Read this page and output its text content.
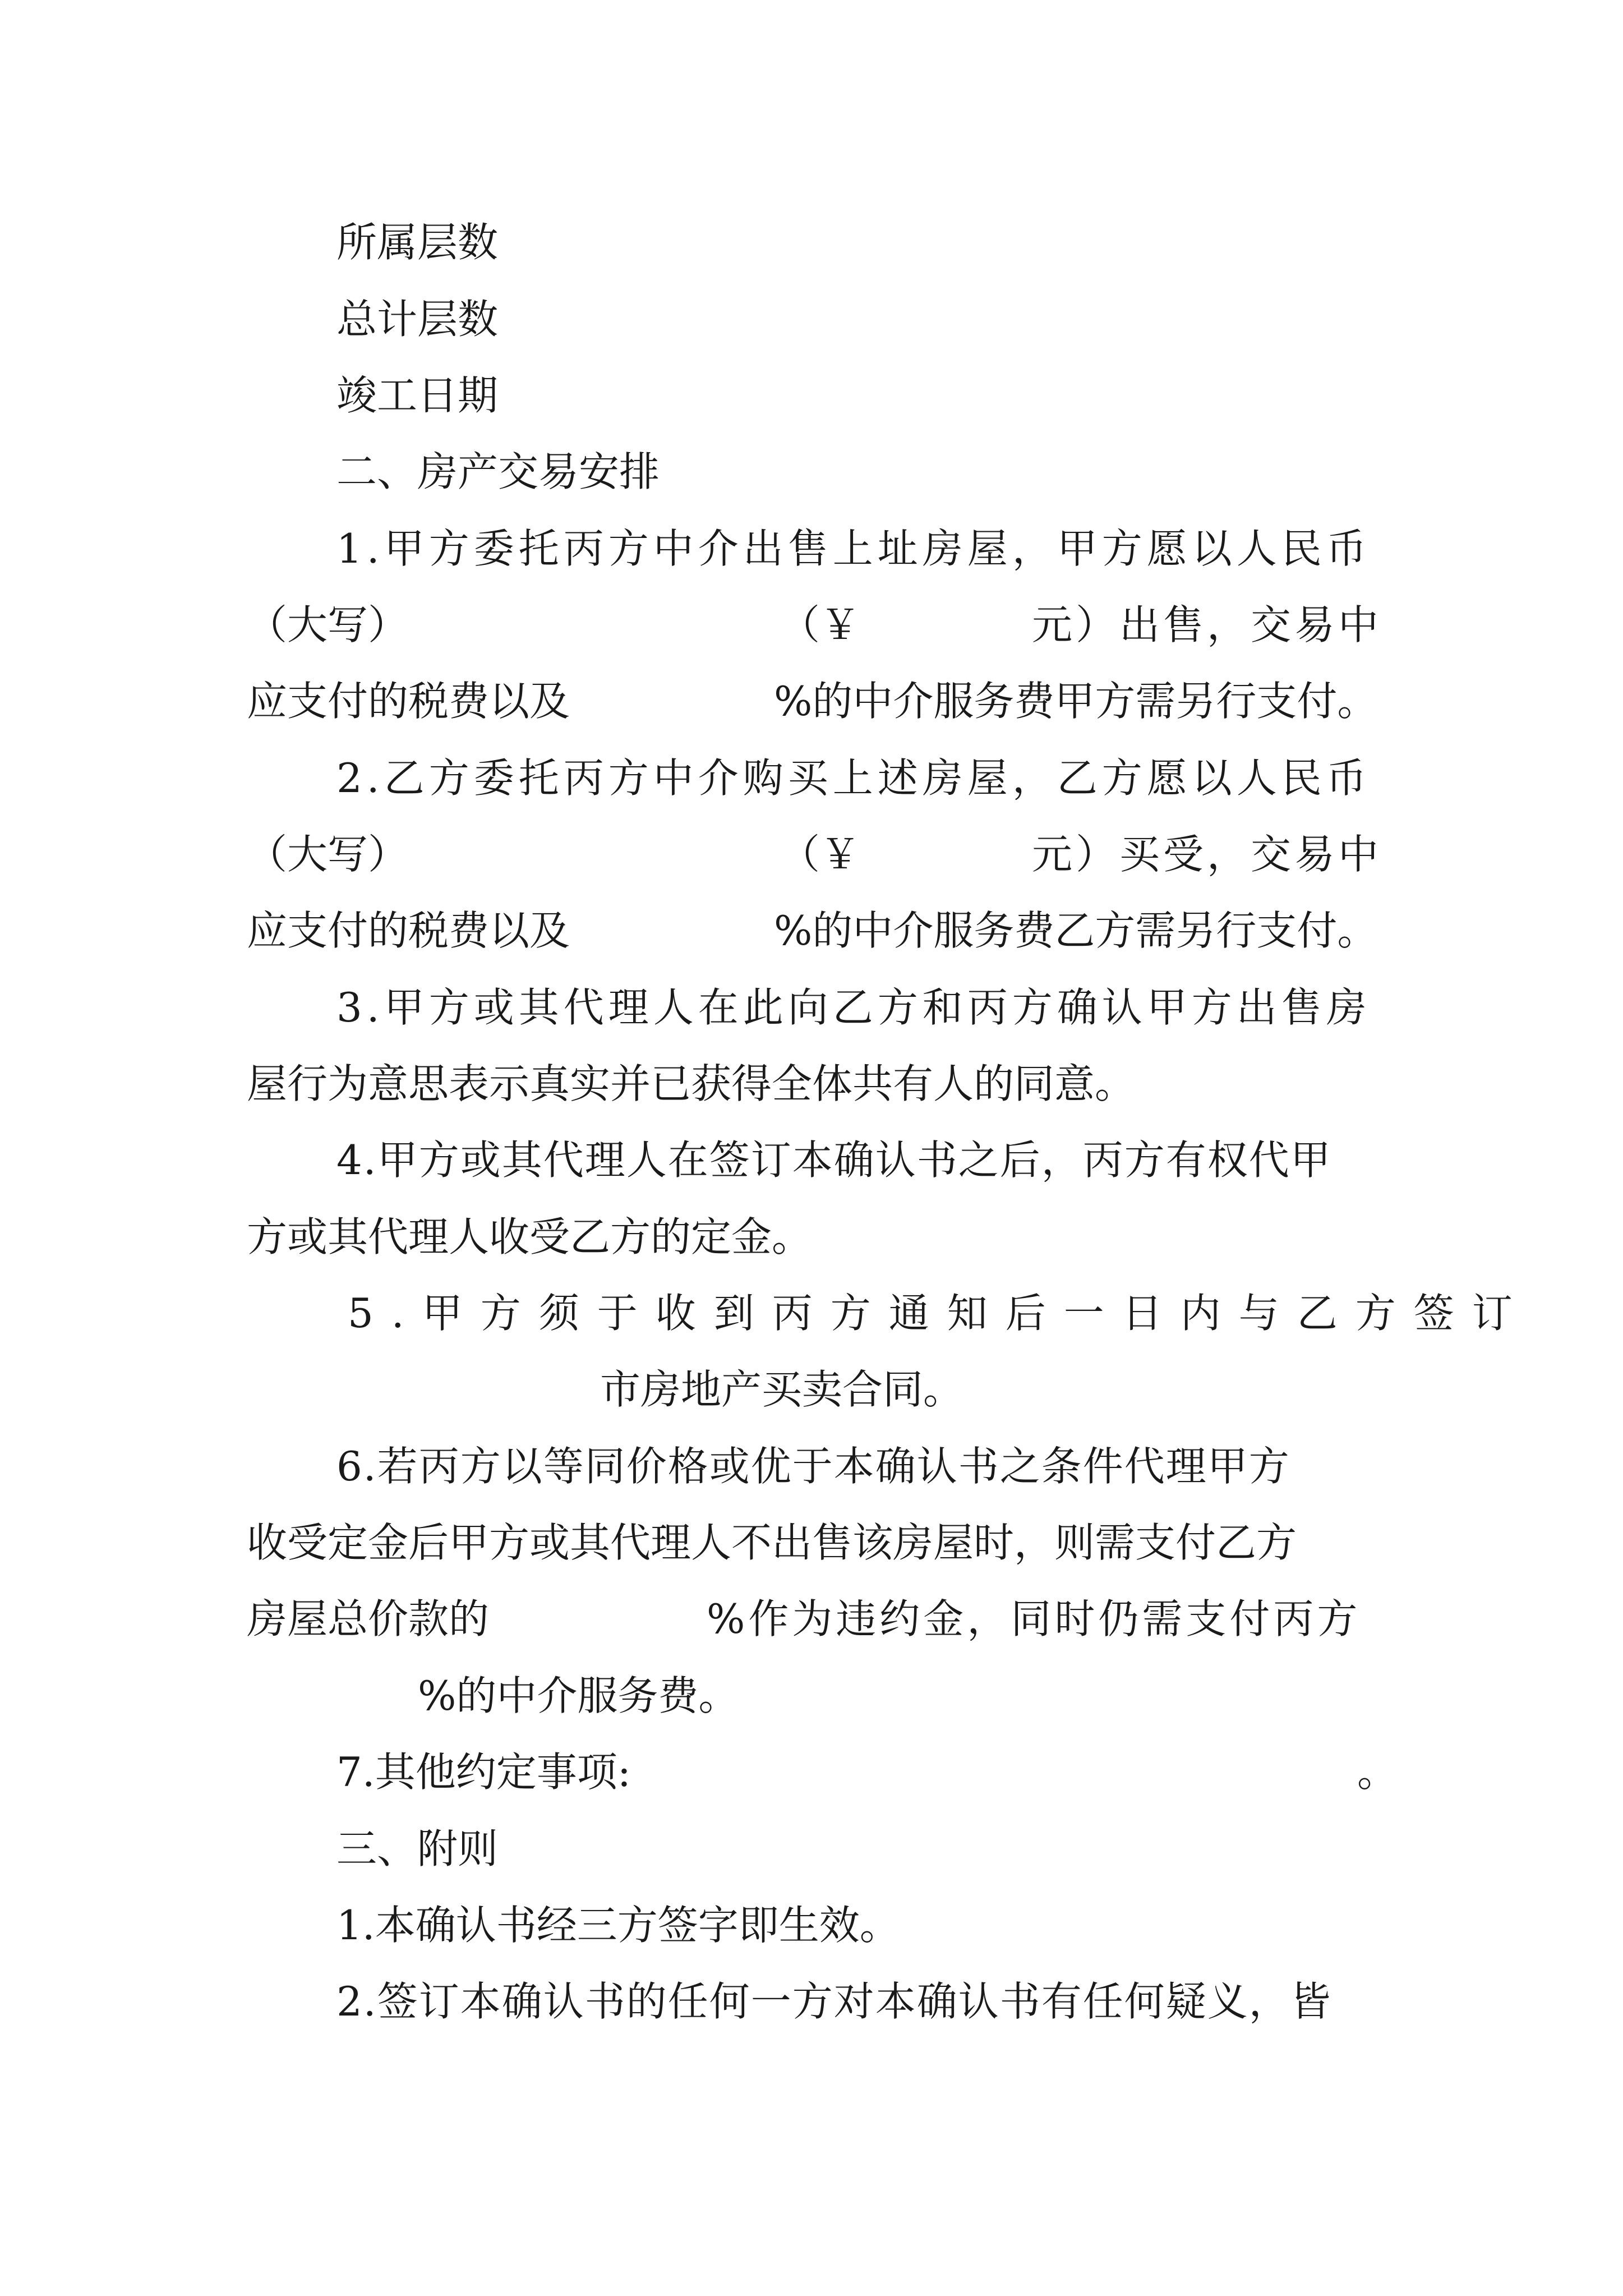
所属层数
总计层数
竣工日期
二、房产交易安排
1.甲方委托丙方中介出售上址房屋，甲方愿以人民币
（大写）	（￥	元）出售，交易中
应支付的税费以及	%的中介服务费甲方需另行支付。
2.乙方委托丙方中介购买上述房屋，乙方愿以人民币
（大写）	（￥	元）买受，交易中
应支付的税费以及	%的中介服务费乙方需另行支付。
3.甲方或其代理人在此向乙方和丙方确认甲方出售房
屋行为意思表示真实并已获得全体共有人的同意。
4.甲方或其代理人在签订本确认书之后，丙方有权代甲
方或其代理人收受乙方的定金。
5.甲方须于收到丙方通知后一日内与乙方签订
市房地产买卖合同。
6.若丙方以等同价格或优于本确认书之条件代理甲方
收受定金后甲方或其代理人不出售该房屋时，则需支付乙方
房屋总价款的	%作为违约金，同时仍需支付丙方
%的中介服务费。
7.其他约定事项:	。
三、附则
1.本确认书经三方签字即生效。
2.签订本确认书的任何一方对本确认书有任何疑义，皆
